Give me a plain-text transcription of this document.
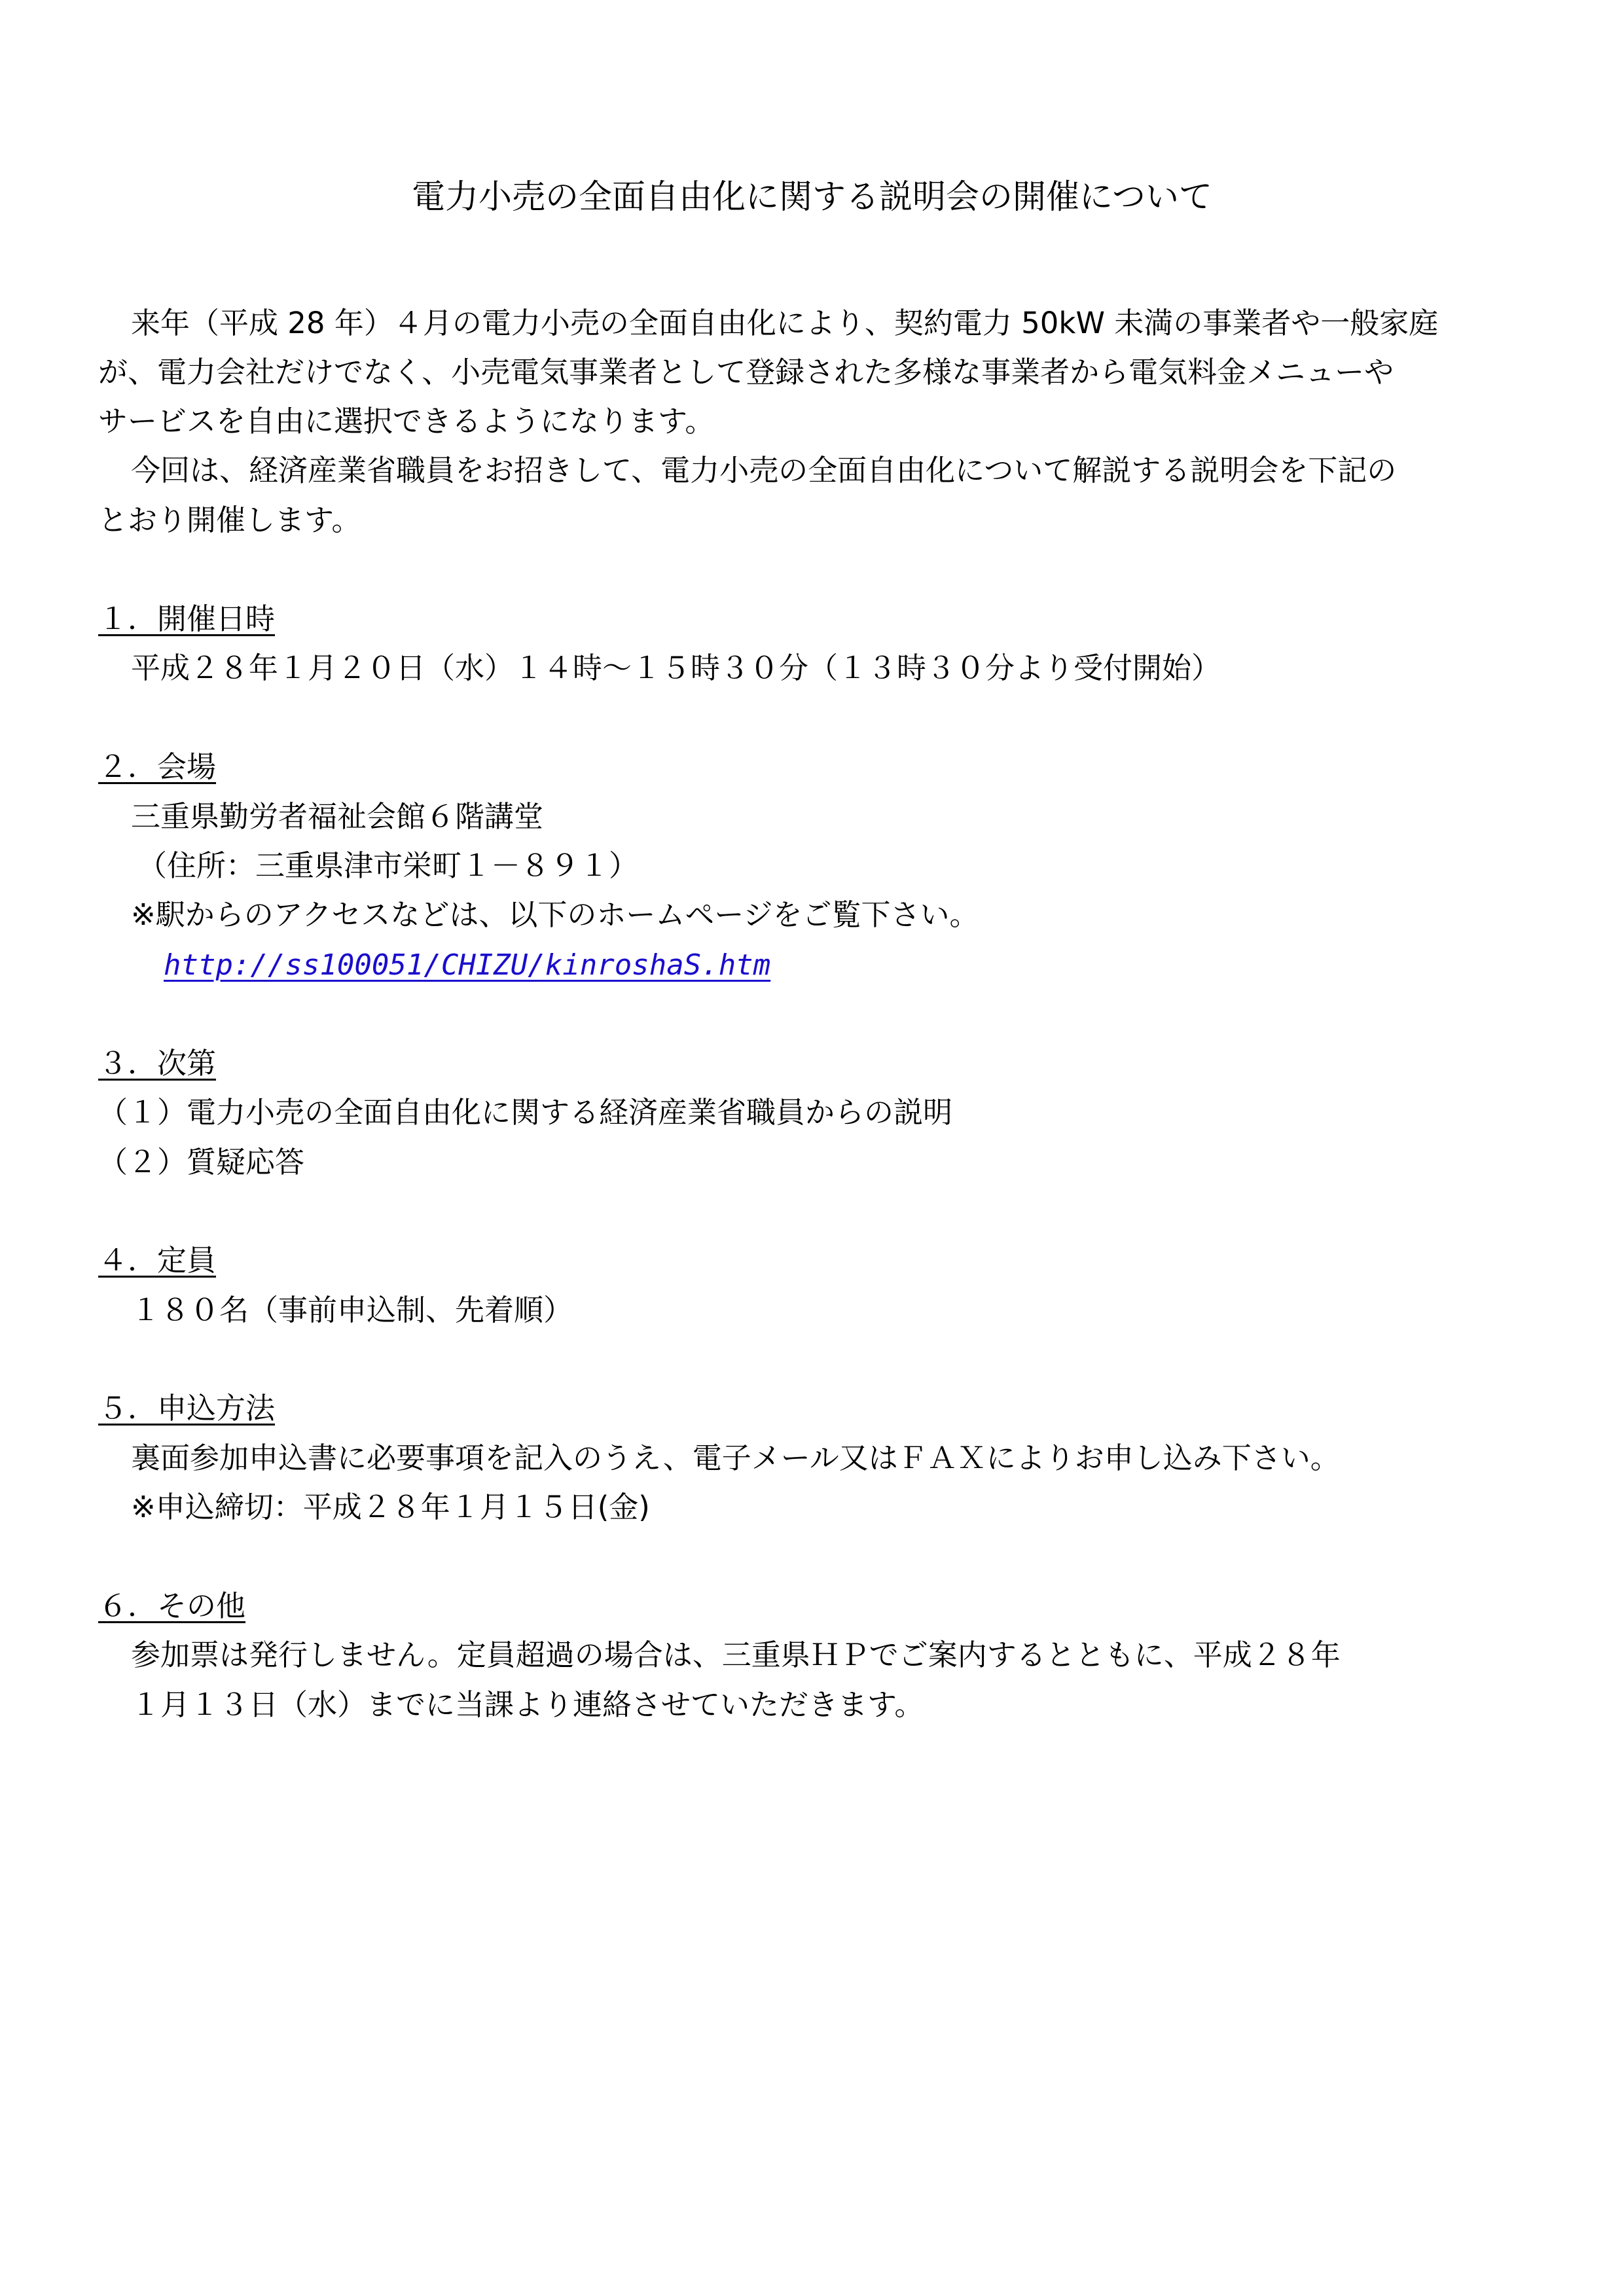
電力小売の全面自由化に関する説明会の開催について
来年（平成 28 年）４月の電力小売の全面自由化により、契約電力 50kW 未満の事業者や一般家庭
が、電力会社だけでなく、小売電気事業者として登録された多様な事業者から電気料金メニューや
サービスを自由に選択できるようになります。
今回は、経済産業省職員をお招きして、電力小売の全面自由化について解説する説明会を下記の
とおり開催します。
１．開催日時
平成２８年１月２０日（水）１４時～１５時３０分（１３時３０分より受付開始）
２．会場
三重県勤労者福祉会館６階講堂
（住所：三重県津市栄町１－８９１）
※駅からのアクセスなどは、以下のホームページをご覧下さい。
http://ss100051/CHIZU/kinroshaS.htm
３．次第
（１）電力小売の全面自由化に関する経済産業省職員からの説明
（２）質疑応答
４．定員
１８０名（事前申込制、先着順）
５．申込方法
裏面参加申込書に必要事項を記入のうえ、電子メール又はＦＡＸによりお申し込み下さい。
※申込締切：平成２８年１月１５日(金)
６．その他
参加票は発行しません。定員超過の場合は、三重県ＨＰでご案内するとともに、平成２８年
１月１３日（水）までに当課より連絡させていただきます。
